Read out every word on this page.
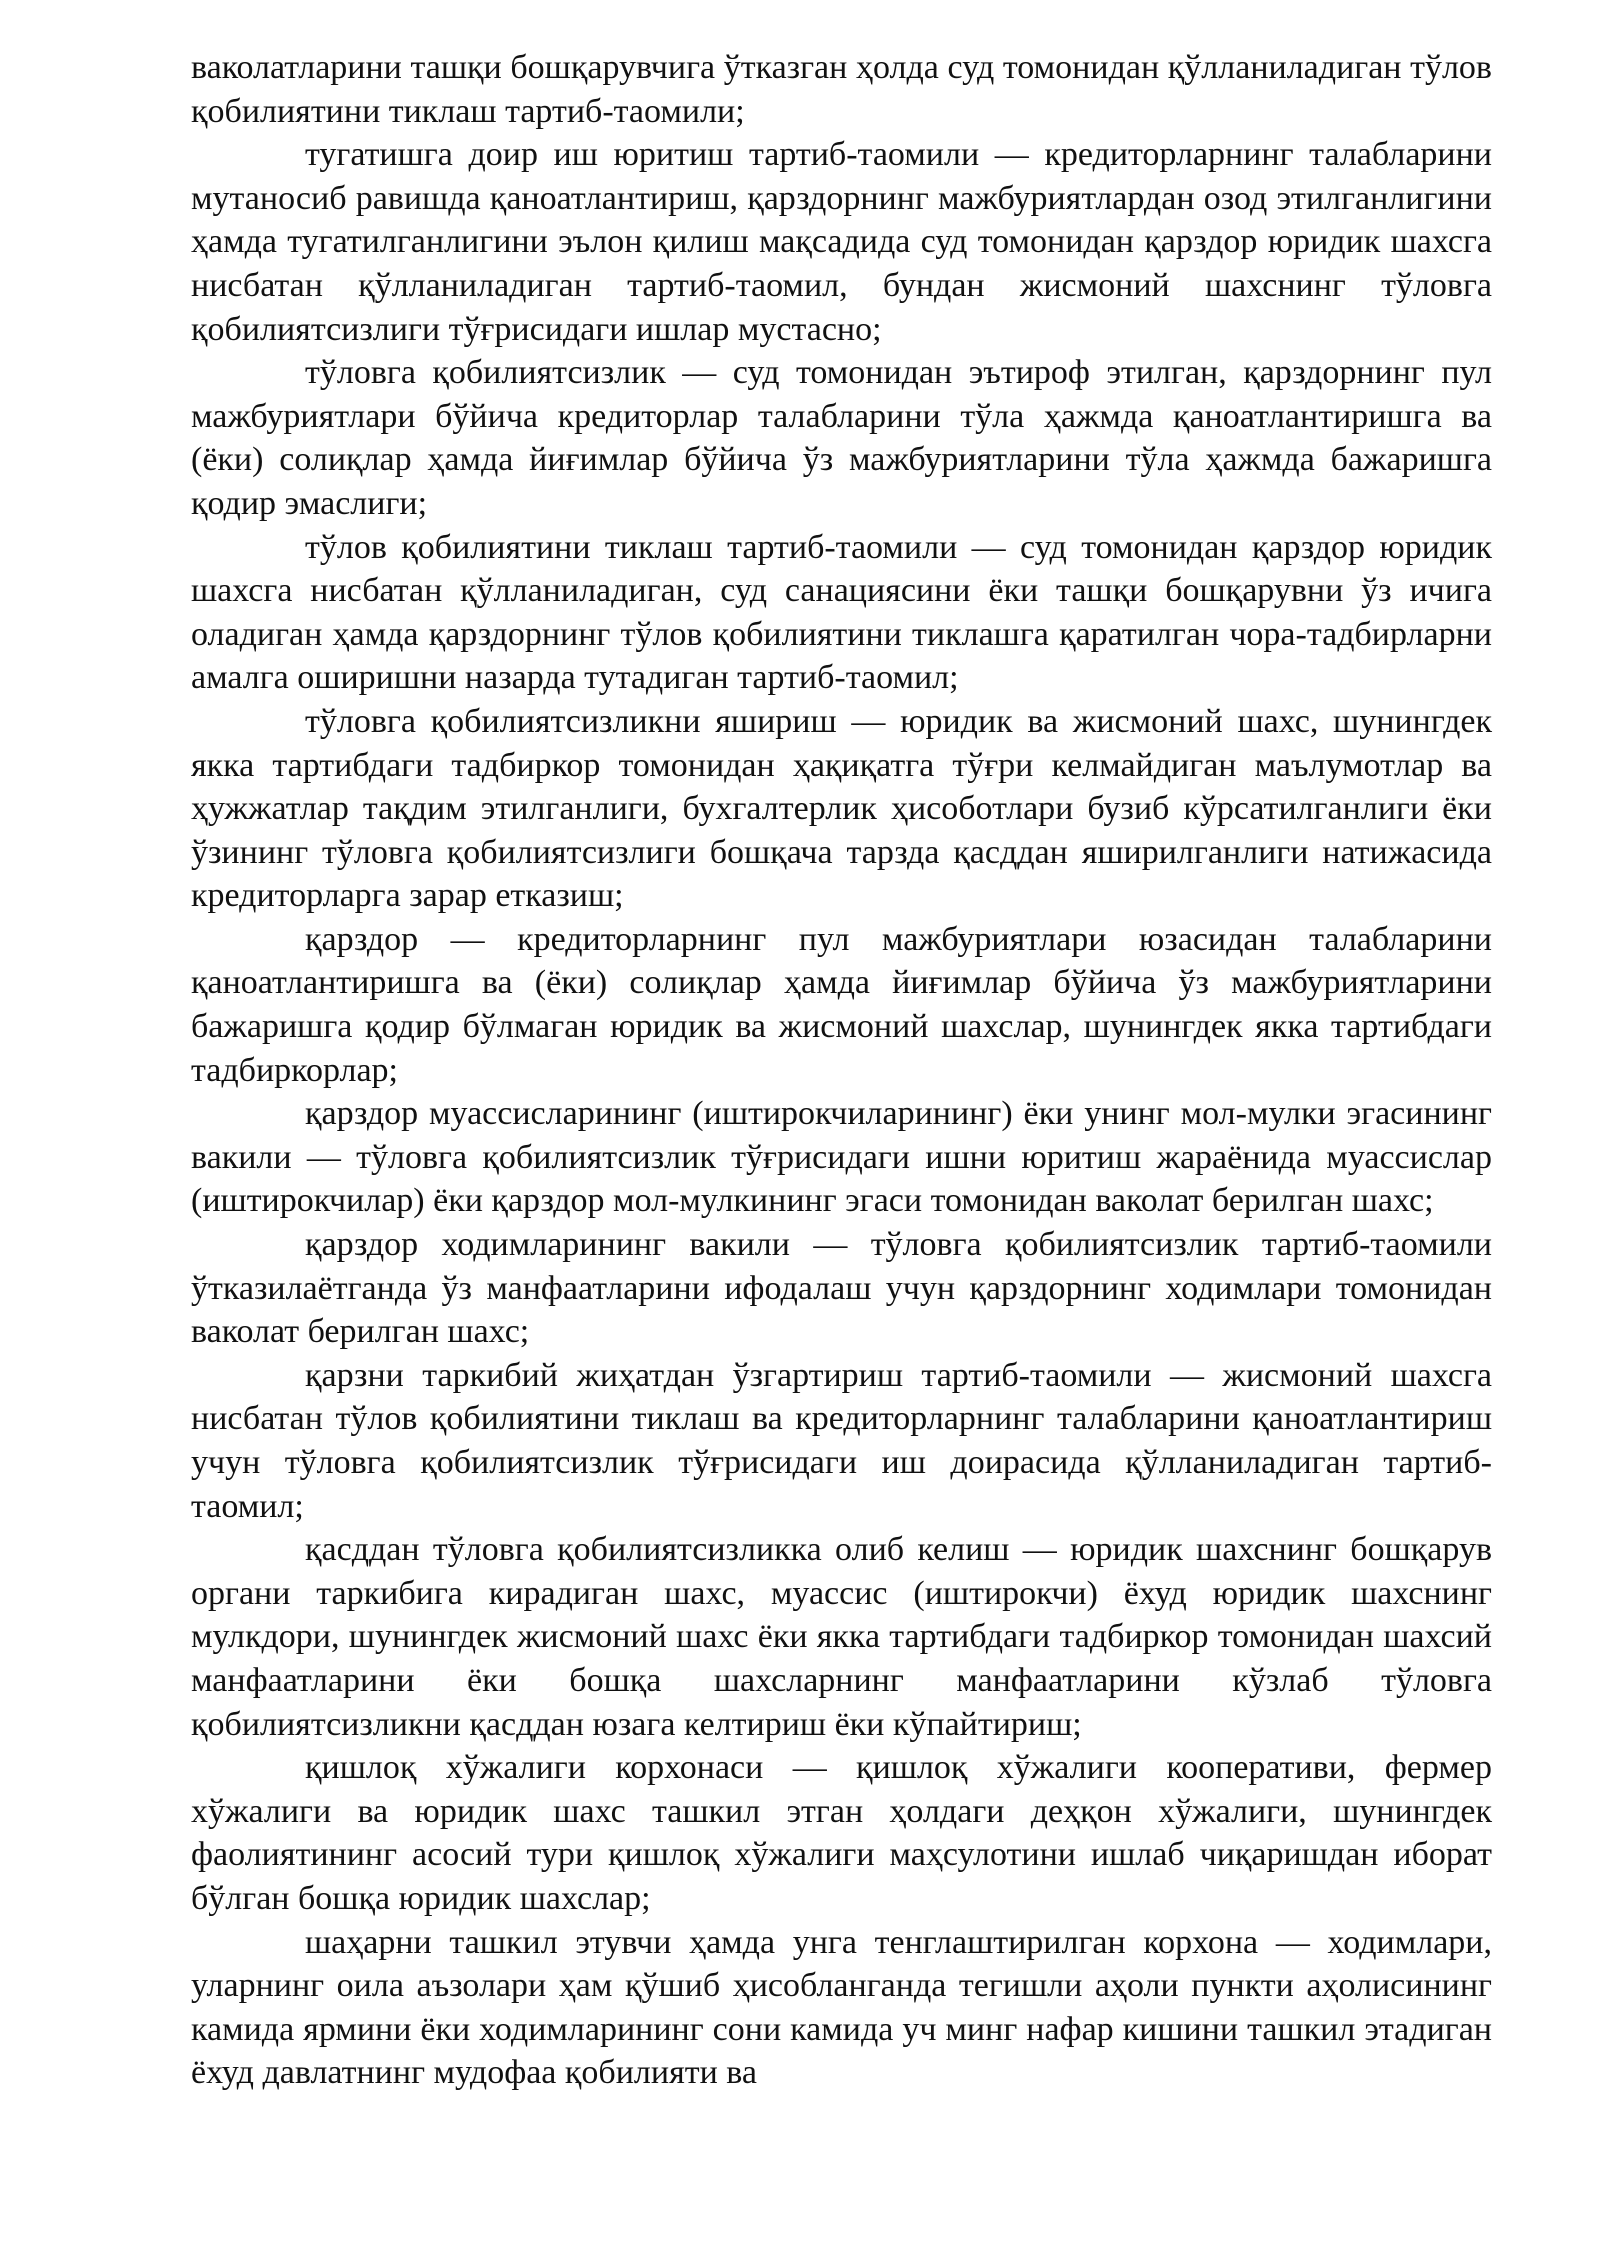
ваколатларини ташқи бошқарувчига ўтказган ҳолда суд томонидан қўлланиладиган тўлов қобилиятини тиклаш тартиб-таомили;

тугатишга доир иш юритиш тартиб-таомили — кредиторларнинг талабларини мутаносиб равишда қаноатлантириш, қарздорнинг мажбуриятлардан озод этилганлигини ҳамда тугатилганлигини эълон қилиш мақсадида суд томонидан қарздор юридик шахсга нисбатан қўлланиладиган тартиб-таомил, бундан жисмоний шахснинг тўловга қобилиятсизлиги тўғрисидаги ишлар мустасно;

тўловга қобилиятсизлик — суд томонидан эътироф этилган, қарздорнинг пул мажбуриятлари бўйича кредиторлар талабларини тўла ҳажмда қаноатлантиришга ва (ёки) солиқлар ҳамда йиғимлар бўйича ўз мажбуриятларини тўла ҳажмда бажаришга қодир эмаслиги;

тўлов қобилиятини тиклаш тартиб-таомили — суд томонидан қарздор юридик шахсга нисбатан қўлланиладиган, суд санациясини ёки ташқи бошқарувни ўз ичига оладиган ҳамда қарздорнинг тўлов қобилиятини тиклашга қаратилган чора-тадбирларни амалга оширишни назарда тутадиган тартиб-таомил;

тўловга қобилиятсизликни яшириш — юридик ва жисмоний шахс, шунингдек якка тартибдаги тадбиркор томонидан ҳақиқатга тўғри келмайдиган маълумотлар ва ҳужжатлар тақдим этилганлиги, бухгалтерлик ҳисоботлари бузиб кўрсатилганлиги ёки ўзининг тўловга қобилиятсизлиги бошқача тарзда қасддан яширилганлиги натижасида кредиторларга зарар етказиш;

қарздор — кредиторларнинг пул мажбуриятлари юзасидан талабларини қаноатлантиришга ва (ёки) солиқлар ҳамда йиғимлар бўйича ўз мажбуриятларини бажаришга қодир бўлмаган юридик ва жисмоний шахслар, шунингдек якка тартибдаги тадбиркорлар;

қарздор муассисларининг (иштирокчиларининг) ёки унинг мол-мулки эгасининг вакили — тўловга қобилиятсизлик тўғрисидаги ишни юритиш жараёнида муассислар (иштирокчилар) ёки қарздор мол-мулкининг эгаси томонидан ваколат берилган шахс;

қарздор ходимларининг вакили — тўловга қобилиятсизлик тартиб-таомили ўтказилаётганда ўз манфаатларини ифодалаш учун қарздорнинг ходимлари томонидан ваколат берилган шахс;

қарзни таркибий жиҳатдан ўзгартириш тартиб-таомили — жисмоний шахсга нисбатан тўлов қобилиятини тиклаш ва кредиторларнинг талабларини қаноатлантириш учун тўловга қобилиятсизлик тўғрисидаги иш доирасида қўлланиладиган тартиб-таомил;

қасддан тўловга қобилиятсизликка олиб келиш — юридик шахснинг бошқарув органи таркибига кирадиган шахс, муассис (иштирокчи) ёхуд юридик шахснинг мулкдори, шунингдек жисмоний шахс ёки якка тартибдаги тадбиркор томонидан шахсий манфаатларини ёки бошқа шахсларнинг манфаатларини кўзлаб тўловга қобилиятсизликни қасддан юзага келтириш ёки кўпайтириш;

қишлоқ хўжалиги корхонаси — қишлоқ хўжалиги кооперативи, фермер хўжалиги ва юридик шахс ташкил этган ҳолдаги деҳқон хўжалиги, шунингдек фаолиятининг асосий тури қишлоқ хўжалиги маҳсулотини ишлаб чиқаришдан иборат бўлган бошқа юридик шахслар;

шаҳарни ташкил этувчи ҳамда унга тенглаштирилган корхона — ходимлари, уларнинг оила аъзолари ҳам қўшиб ҳисобланганда тегишли аҳоли пункти аҳолисининг камида ярмини ёки ходимларининг сони камида уч минг нафар кишини ташкил этадиган ёхуд давлатнинг мудофаа қобилияти ва
